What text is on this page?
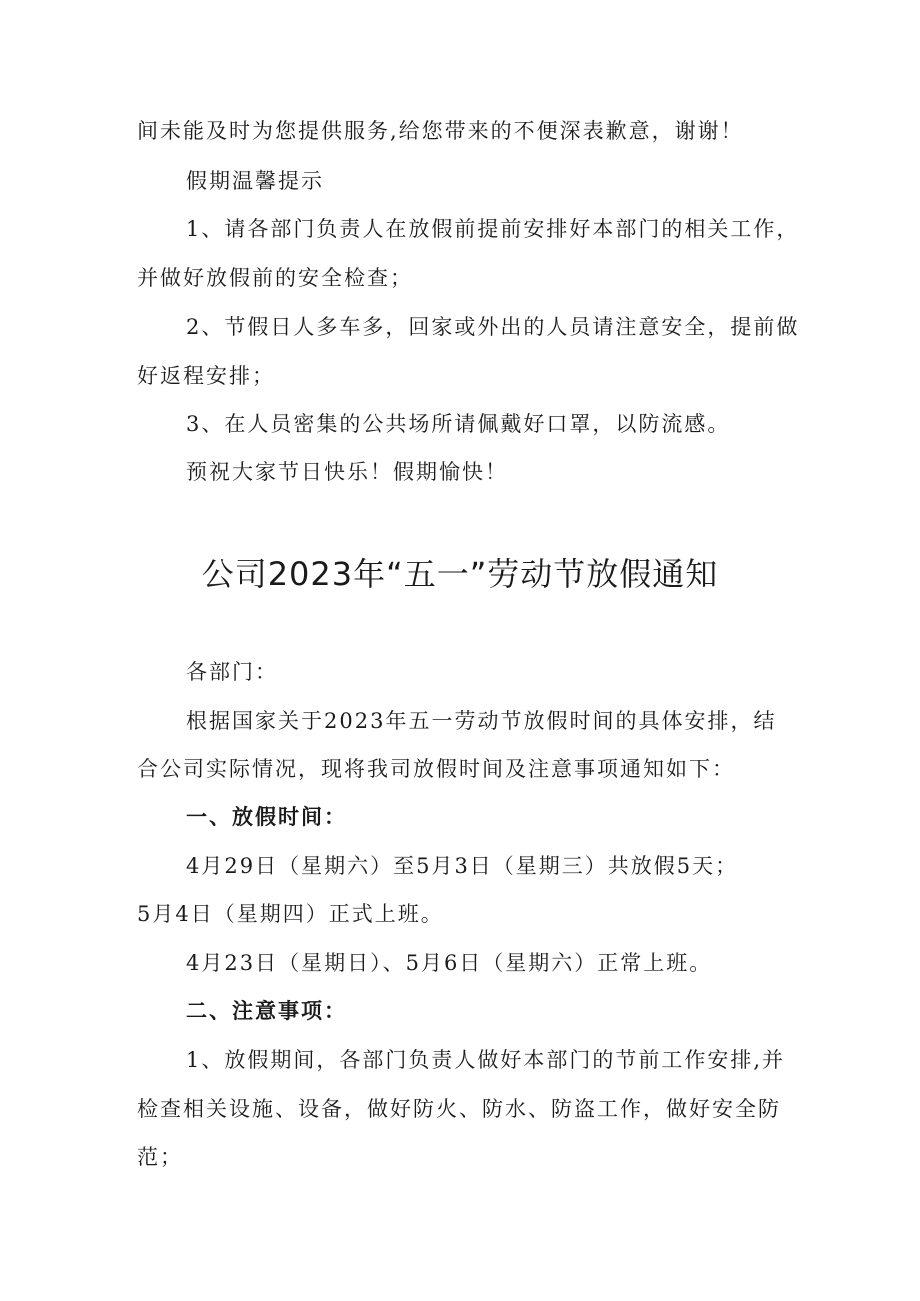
间未能及时为您提供服务,给您带来的不便深表歉意，谢谢！

假期温馨提示

1、请各部门负责人在放假前提前安排好本部门的相关工作，

并做好放假前的安全检查；

2、节假日人多车多，回家或外出的人员请注意安全，提前做

好返程安排；

3、在人员密集的公共场所请佩戴好口罩，以防流感。

预祝大家节日快乐！假期愉快！

公司2023年“五一”劳动节放假通知

各部门：

根据国家关于2023年五一劳动节放假时间的具体安排，结

合公司实际情况，现将我司放假时间及注意事项通知如下：

一、放假时间：

4月29日（星期六）至5月3日（星期三）共放假5天；

5月4日（星期四）正式上班。

4月23日（星期日）、5月6日（星期六）正常上班。

二、注意事项：

1、放假期间，各部门负责人做好本部门的节前工作安排,并

检查相关设施、设备，做好防火、防水、防盗工作，做好安全防

范；
